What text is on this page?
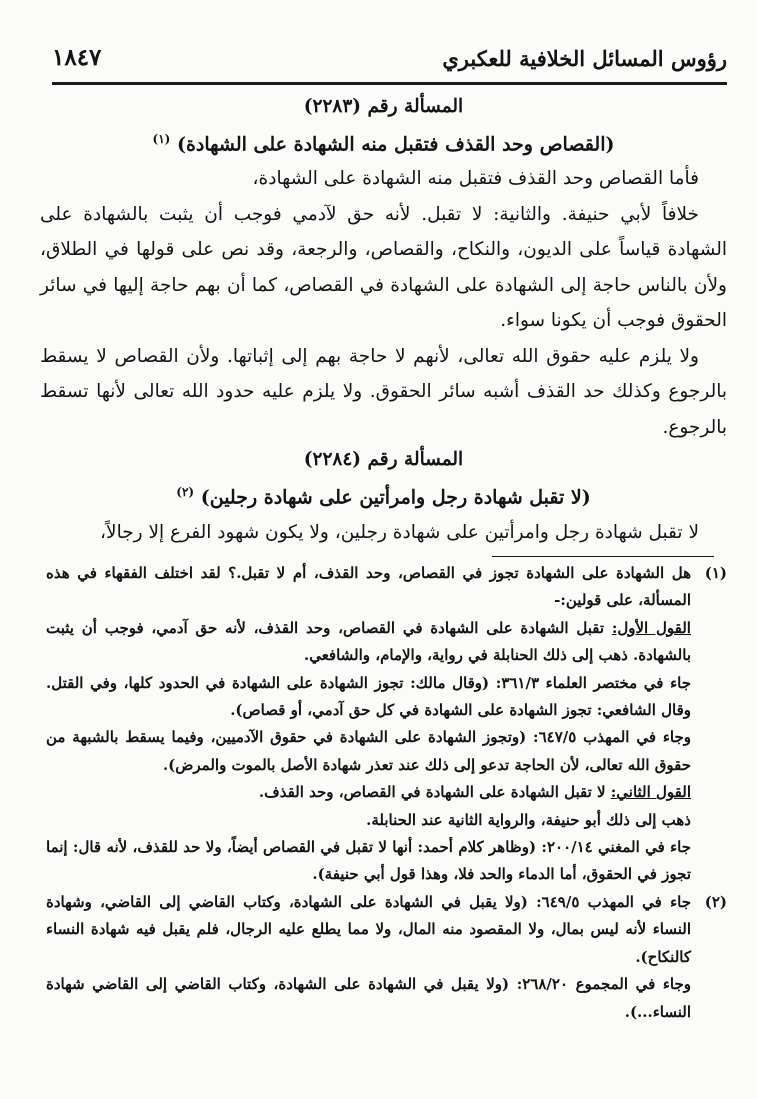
رؤوس المسائل الخلافية للعكبري
١٨٤٧

المسألة رقم (٢٢٨٣)

(القصاص وحد القذف فتقبل منه الشهادة على الشهادة) $^{(١)}$

فأما القصاص وحد القذف فتقبل منه الشهادة على الشهادة،

خلافاً لأبي حنيفة. والثانية: لا تقبل. لأنه حق لآدمي فوجب أن يثبت بالشهادة على الشهادة قياساً على الديون، والنكاح، والقصاص، والرجعة، وقد نص على قولها في الطلاق، ولأن بالناس حاجة إلى الشهادة على الشهادة في القصاص، كما أن بهم حاجة إليها في سائر الحقوق فوجب أن يكونا سواء.

ولا يلزم عليه حقوق الله تعالى، لأنهم لا حاجة بهم إلى إثباتها. ولأن القصاص لا يسقط بالرجوع وكذلك حد القذف أشبه سائر الحقوق. ولا يلزم عليه حدود الله تعالى لأنها تسقط بالرجوع.

المسألة رقم (٢٢٨٤)

(لا تقبل شهادة رجل وامرأتين على شهادة رجلين) $^{(٢)}$

لا تقبل شهادة رجل وامرأتين على شهادة رجلين، ولا يكون شهود الفرع إلا رجالاً،

(١)

هل الشهادة على الشهادة تجوز في القصاص، وحد القذف، أم لا تقبل.؟ لقد اختلف الفقهاء في هذه المسألة، على قولين:-

القول الأول: تقبل الشهادة على الشهادة في القصاص، وحد القذف، لأنه حق آدمي، فوجب أن يثبت بالشهادة. ذهب إلى ذلك الحنابلة في رواية، والإمام، والشافعي.

جاء في مختصر العلماء ٣٦١/٣: (وقال مالك: تجوز الشهادة على الشهادة في الحدود كلها، وفي القتل. وقال الشافعي: تجوز الشهادة على الشهادة في كل حق آدمي، أو قصاص).

وجاء في المهذب ٦٤٧/٥: (وتجوز الشهادة على الشهادة في حقوق الآدميين، وفيما يسقط بالشبهة من حقوق الله تعالى، لأن الحاجة تدعو إلى ذلك عند تعذر شهادة الأصل بالموت والمرض).

القول الثاني: لا تقبل الشهادة على الشهادة في القصاص، وحد القذف.

ذهب إلى ذلك أبو حنيفة، والرواية الثانية عند الحنابلة.

جاء في المغني ٢٠٠/١٤: (وظاهر كلام أحمد: أنها لا تقبل في القصاص أيضاً، ولا حد للقذف، لأنه قال: إنما تجوز في الحقوق، أما الدماء والحد فلا، وهذا قول أبي حنيفة).

(٢)

جاء في المهذب ٦٤٩/٥: (ولا يقبل في الشهادة على الشهادة، وكتاب القاضي إلى القاضي، وشهادة النساء لأنه ليس بمال، ولا المقصود منه المال، ولا مما يطلع عليه الرجال، فلم يقبل فيه شهادة النساء كالنكاح).

وجاء في المجموع ٢٦٨/٢٠: (ولا يقبل في الشهادة على الشهادة، وكتاب القاضي إلى القاضي شهادة النساء...).
